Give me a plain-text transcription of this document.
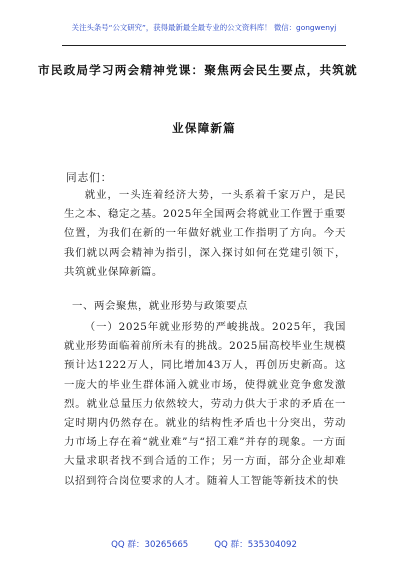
关注头条号“公文研究”，获得最新最全最专业的公文资料库！ 微信：gongwenyj
市民政局学习两会精神党课：聚焦两会民生要点，共筑就
业保障新篇
同志们：
就业，一头连着经济大势，一头系着千家万户，是民生之本、稳定之基。2025年全国两会将就业工作置于重要位置，为我们在新的一年做好就业工作指明了方向。今天我们就以两会精神为指引，深入探讨如何在党建引领下，共筑就业保障新篇。
一、两会聚焦，就业形势与政策要点
（一）2025年就业形势的严峻挑战。2025年，我国就业形势面临着前所未有的挑战。2025届高校毕业生规模预计达1222万人，同比增加43万人，再创历史新高。这一庞大的毕业生群体涌入就业市场，使得就业竞争愈发激烈。就业总量压力依然较大，劳动力供大于求的矛盾在一定时期内仍然存在。就业的结构性矛盾也十分突出，劳动力市场上存在着“就业难”与“招工难”并存的现象。一方面大量求职者找不到合适的工作；另一方面，部分企业却难以招到符合岗位要求的人才。随着人工智能等新技术的快
QQ 群：30265665	QQ 群：535304092
